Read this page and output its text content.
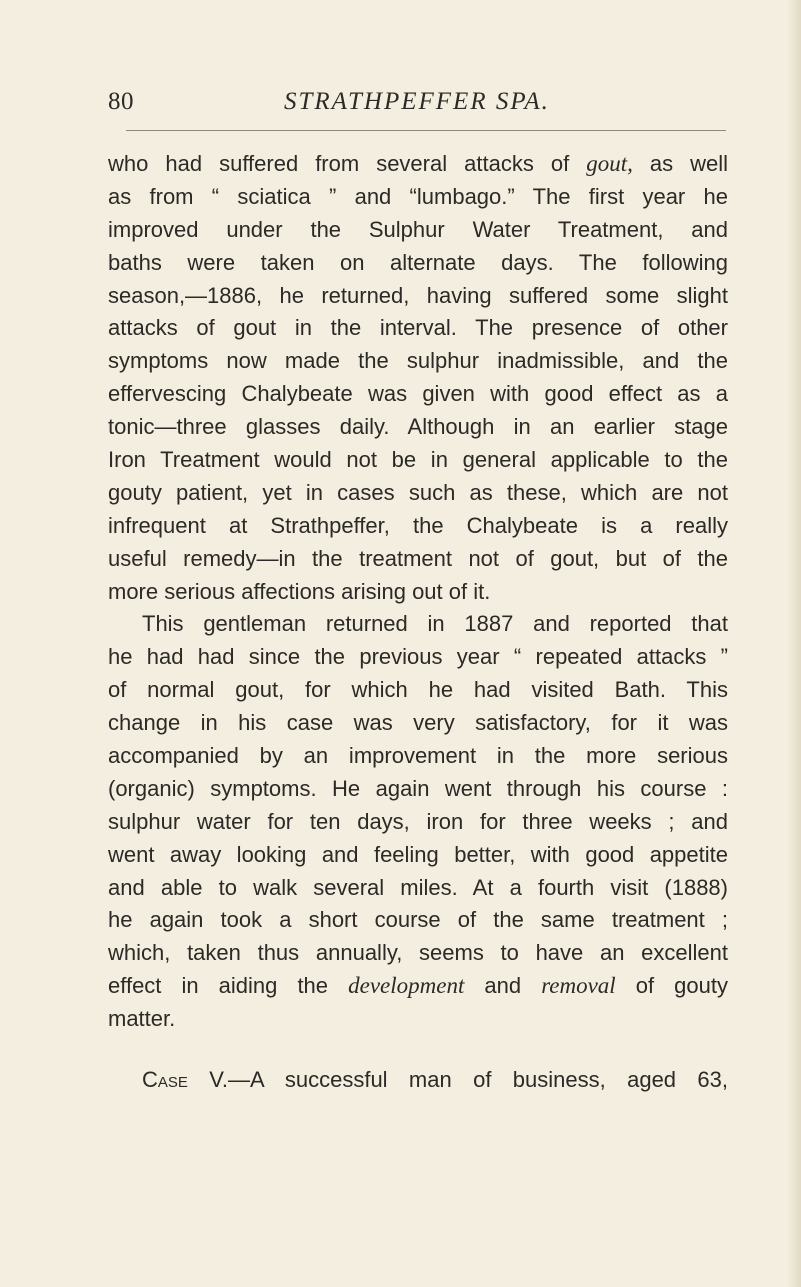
80	STRATHPEFFER SPA.
who had suffered from several attacks of gout, as well
as from “ sciatica ” and “lumbago.” The first year he
improved under the Sulphur Water Treatment, and
baths were taken on alternate days. The following
season,—1886, he returned, having suffered some slight
attacks of gout in the interval. The presence of other
symptoms now made the sulphur inadmissible, and the
effervescing Chalybeate was given with good effect as a
tonic—three glasses daily. Although in an earlier stage
Iron Treatment would not be in general applicable to the
gouty patient, yet in cases such as these, which are not
infrequent at Strathpeffer, the Chalybeate is a really
useful remedy—in the treatment not of gout, but of the
more serious affections arising out of it.
This gentleman returned in 1887 and reported that
he had had since the previous year “ repeated attacks ”
of normal gout, for which he had visited Bath. This
change in his case was very satisfactory, for it was
accompanied by an improvement in the more serious
(organic) symptoms. He again went through his course :
sulphur water for ten days, iron for three weeks ; and
went away looking and feeling better, with good appetite
and able to walk several miles. At a fourth visit (1888)
he again took a short course of the same treatment ;
which, taken thus annually, seems to have an excellent
effect in aiding the development and removal of gouty
matter.
Case V.—A successful man of business, aged 63,
